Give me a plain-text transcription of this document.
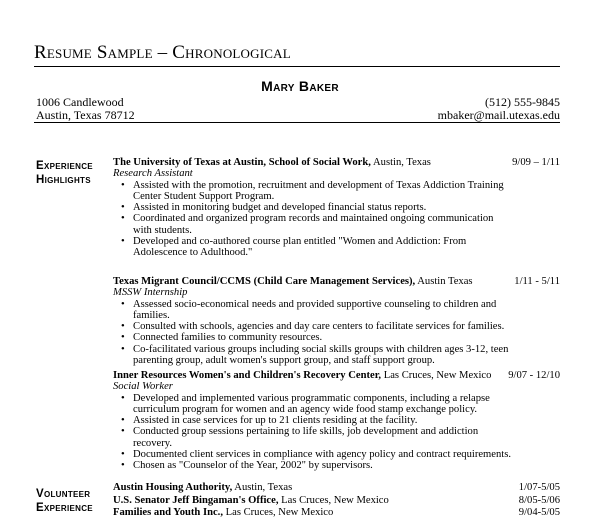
Resume Sample – Chronological
Mary Baker
1006 Candlewood
Austin, Texas 78712
(512) 555-9845
mbaker@mail.utexas.edu
Experience
Highlights
The University of Texas at Austin, School of Social Work, Austin, Texas
Research Assistant
• Assisted with the promotion, recruitment and development of Texas Addiction Training Center Student Support Program.
• Assisted in monitoring budget and developed financial status reports.
• Coordinated and organized program records and maintained ongoing communication with students.
• Developed and co-authored course plan entitled "Women and Addiction: From Adolescence to Adulthood."
9/09 – 1/11
Texas Migrant Council/CCMS (Child Care Management Services), Austin Texas
MSSW Internship
• Assessed socio-economical needs and provided supportive counseling to children and families.
• Consulted with schools, agencies and day care centers to facilitate services for families.
• Connected families to community resources.
• Co-facilitated various groups including social skills groups with children ages 3-12, teen parenting group, adult women's support group, and staff support group.
1/11 - 5/11
Inner Resources Women's and Children's Recovery Center, Las Cruces, New Mexico
Social Worker
• Developed and implemented various programmatic components, including a relapse curriculum program for women and an agency wide food stamp exchange policy.
• Assisted in case services for up to 21 clients residing at the facility.
• Conducted group sessions pertaining to life skills, job development and addiction recovery.
• Documented client services in compliance with agency policy and contract requirements.
• Chosen as "Counselor of the Year, 2002" by supervisors.
9/07 - 12/10
Volunteer
Experience
Austin Housing Authority, Austin, Texas
U.S. Senator Jeff Bingaman's Office, Las Cruces, New Mexico
Families and Youth Inc., Las Cruces, New Mexico
1/07-5/05
8/05-5/06
9/04-5/05
